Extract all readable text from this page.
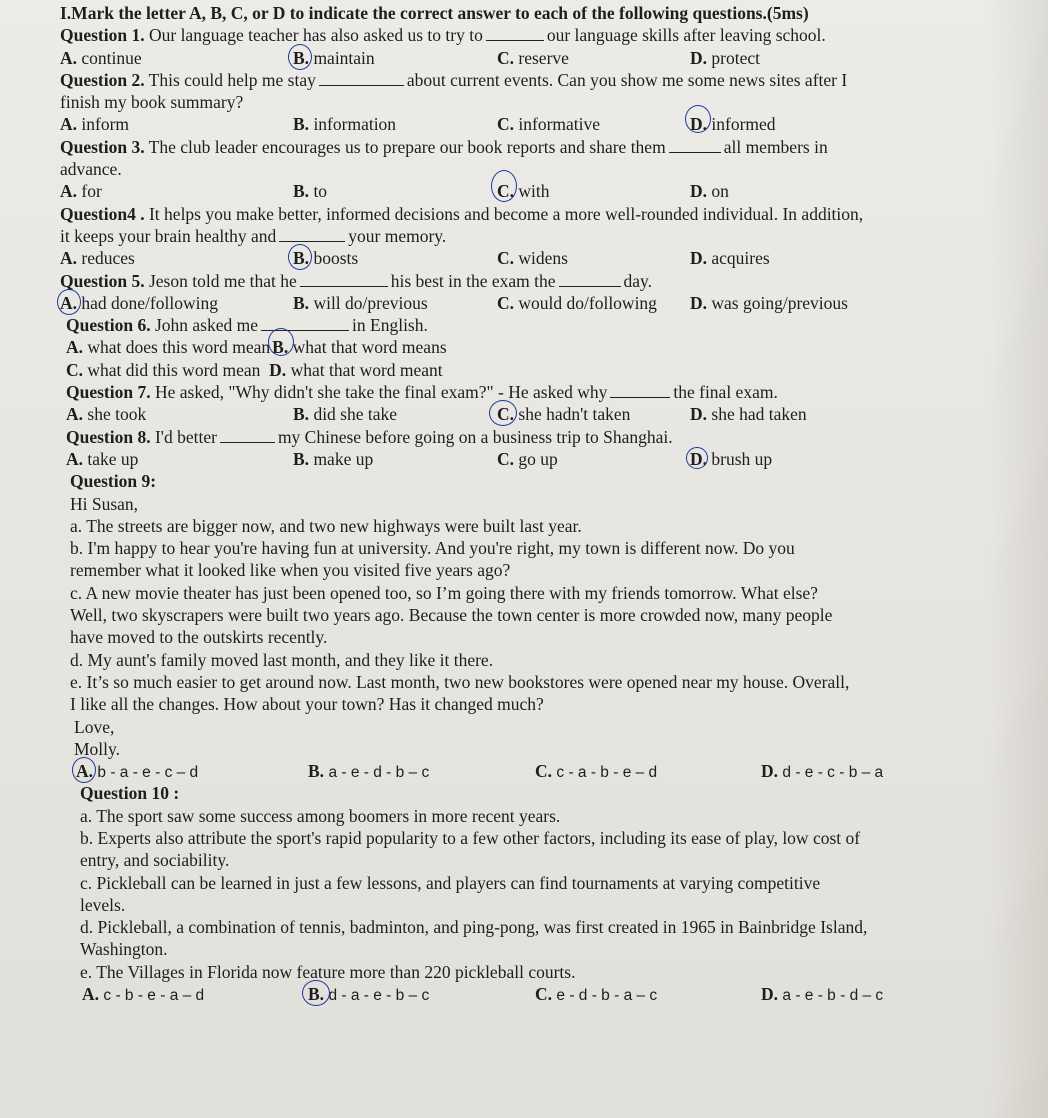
I.Mark the letter A, B, C, or D to indicate the correct answer to each of the following questions.(5ms)
Question 1. Our language teacher has also asked us to try to	our language skills after leaving school.
A. continue	B. maintain	C. reserve	D. protect
Question 2. This could help me stay	about current events. Can you show me some news sites after I
finish my book summary?
A. inform	B. information	C. informative	D. informed
Question 3. The club leader encourages us to prepare our book reports and share them	all members in
advance.
A. for	B. to	C. with	D. on
Question4 . It helps you make better, informed decisions and become a more well-rounded individual. In addition,
it keeps your brain healthy and	your memory.
A. reduces	B. boosts	C. widens	D. acquires
Question 5. Jeson told me that he	his best in the exam the	day.
A. had done/following	B. will do/previous	C. would do/following	D. was going/previous
Question 6. John asked me	in English.
A. what does this word mean B. what that word means
C. what did this word mean D. what that word meant
Question 7. He asked, "Why didn't she take the final exam?" - He asked why	the final exam.
A. she took	B. did she take	C. she hadn't taken	D. she had taken
Question 8. I'd better	my Chinese before going on a business trip to Shanghai.
A. take up	B. make up	C. go up	D. brush up
Question 9:
Hi Susan,
a. The streets are bigger now, and two new highways were built last year.
b. I'm happy to hear you're having fun at university. And you're right, my town is different now. Do you
remember what it looked like when you visited five years ago?
c. A new movie theater has just been opened too, so I’m going there with my friends tomorrow. What else?
Well, two skyscrapers were built two years ago. Because the town center is more crowded now, many people
have moved to the outskirts recently.
d. My aunt's family moved last month, and they like it there.
e. It’s so much easier to get around now. Last month, two new bookstores were opened near my house. Overall,
I like all the changes. How about your town? Has it changed much?
Love,
Molly.
A. b - a - e - c – d	B. a - e - d - b – c	C. c - a - b - e – d	D. d - e - c - b – a
Question 10 :
a. The sport saw some success among boomers in more recent years.
b. Experts also attribute the sport's rapid popularity to a few other factors, including its ease of play, low cost of
entry, and sociability.
c. Pickleball can be learned in just a few lessons, and players can find tournaments at varying competitive
levels.
d. Pickleball, a combination of tennis, badminton, and ping-pong, was first created in 1965 in Bainbridge Island,
Washington.
e. The Villages in Florida now feature more than 220 pickleball courts.
A. c - b - e - a – d	B. d - a - e - b – c	C. e - d - b - a – c	D. a - e - b - d – c
